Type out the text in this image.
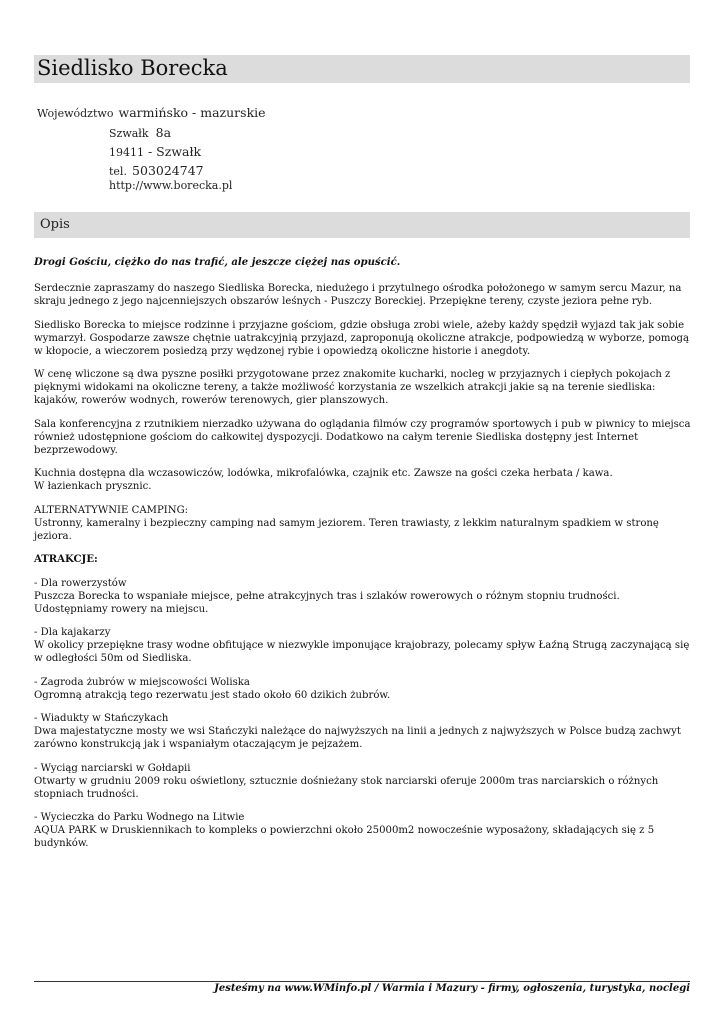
Siedlisko Borecka
Województwo warmińsko - mazurskie
Szwałk 8a
19411 - Szwałk
tel. 503024747
http://www.borecka.pl
Opis

Drogi Gościu, ciężko do nas trafić, ale jeszcze ciężej nas opuścić.

Serdecznie zapraszamy do naszego Siedliska Borecka, niedużego i przytulnego ośrodka położonego w samym sercu Mazur, na skraju jednego z jego najcenniejszych obszarów leśnych - Puszczy Boreckiej. Przepiękne tereny, czyste jeziora pełne ryb.

Siedlisko Borecka to miejsce rodzinne i przyjazne gościom, gdzie obsługa zrobi wiele, ażeby każdy spędził wyjazd tak jak sobie wymarzył. Gospodarze zawsze chętnie uatrakcyjnią przyjazd, zaproponują okoliczne atrakcje, podpowiedzą w wyborze, pomogą w kłopocie, a wieczorem posiedzą przy wędzonej rybie i opowiedzą okoliczne historie i anegdoty.

W cenę wliczone są dwa pyszne posiłki przygotowane przez znakomite kucharki, nocleg w przyjaznych i ciepłych pokojach z pięknymi widokami na okoliczne tereny, a także możliwość korzystania ze wszelkich atrakcji jakie są na terenie siedliska: kajaków, rowerów wodnych, rowerów terenowych, gier planszowych.

Sala konferencyjna z rzutnikiem nierzadko używana do oglądania filmów czy programów sportowych i pub w piwnicy to miejsca również udostępnione gościom do całkowitej dyspozycji. Dodatkowo na całym terenie Siedliska dostępny jest Internet bezprzewodowy.

Kuchnia dostępna dla wczasowiczów, lodówka, mikrofalówka, czajnik etc. Zawsze na gości czeka herbata / kawa.
W łazienkach prysznic.

ALTERNATYWNIE CAMPING:
Ustronny, kameralny i bezpieczny camping nad samym jeziorem. Teren trawiasty, z lekkim naturalnym spadkiem w stronę jeziora.

ATRAKCJE:

- Dla rowerzystów
Puszcza Borecka to wspaniałe miejsce, pełne atrakcyjnych tras i szlaków rowerowych o różnym stopniu trudności. Udostępniamy rowery na miejscu.

- Dla kajakarzy
W okolicy przepiękne trasy wodne obfitujące w niezwykle imponujące krajobrazy, polecamy spływ Łaźną Strugą zaczynającą się w odległości 50m od Siedliska.

- Zagroda żubrów w miejscowości Woliska
Ogromną atrakcją tego rezerwatu jest stado około 60 dzikich żubrów.

- Wiadukty w Stańczykach
Dwa majestatyczne mosty we wsi Stańczyki należące do najwyższych na linii a jednych z najwyższych w Polsce budzą zachwyt zarówno konstrukcją jak i wspaniałym otaczającym je pejzażem.

- Wyciąg narciarski w Gołdapii
Otwarty w grudniu 2009 roku oświetlony, sztucznie dośnieżany stok narciarski oferuje 2000m tras narciarskich o różnych stopniach trudności.

- Wycieczka do Parku Wodnego na Litwie
AQUA PARK w Druskiennikach to kompleks o powierzchni około 25000m2 nowocześnie wyposażony, składających się z 5 budynków.

Jesteśmy na www.WMinfo.pl / Warmia i Mazury - firmy, ogłoszenia, turystyka, noclegi
